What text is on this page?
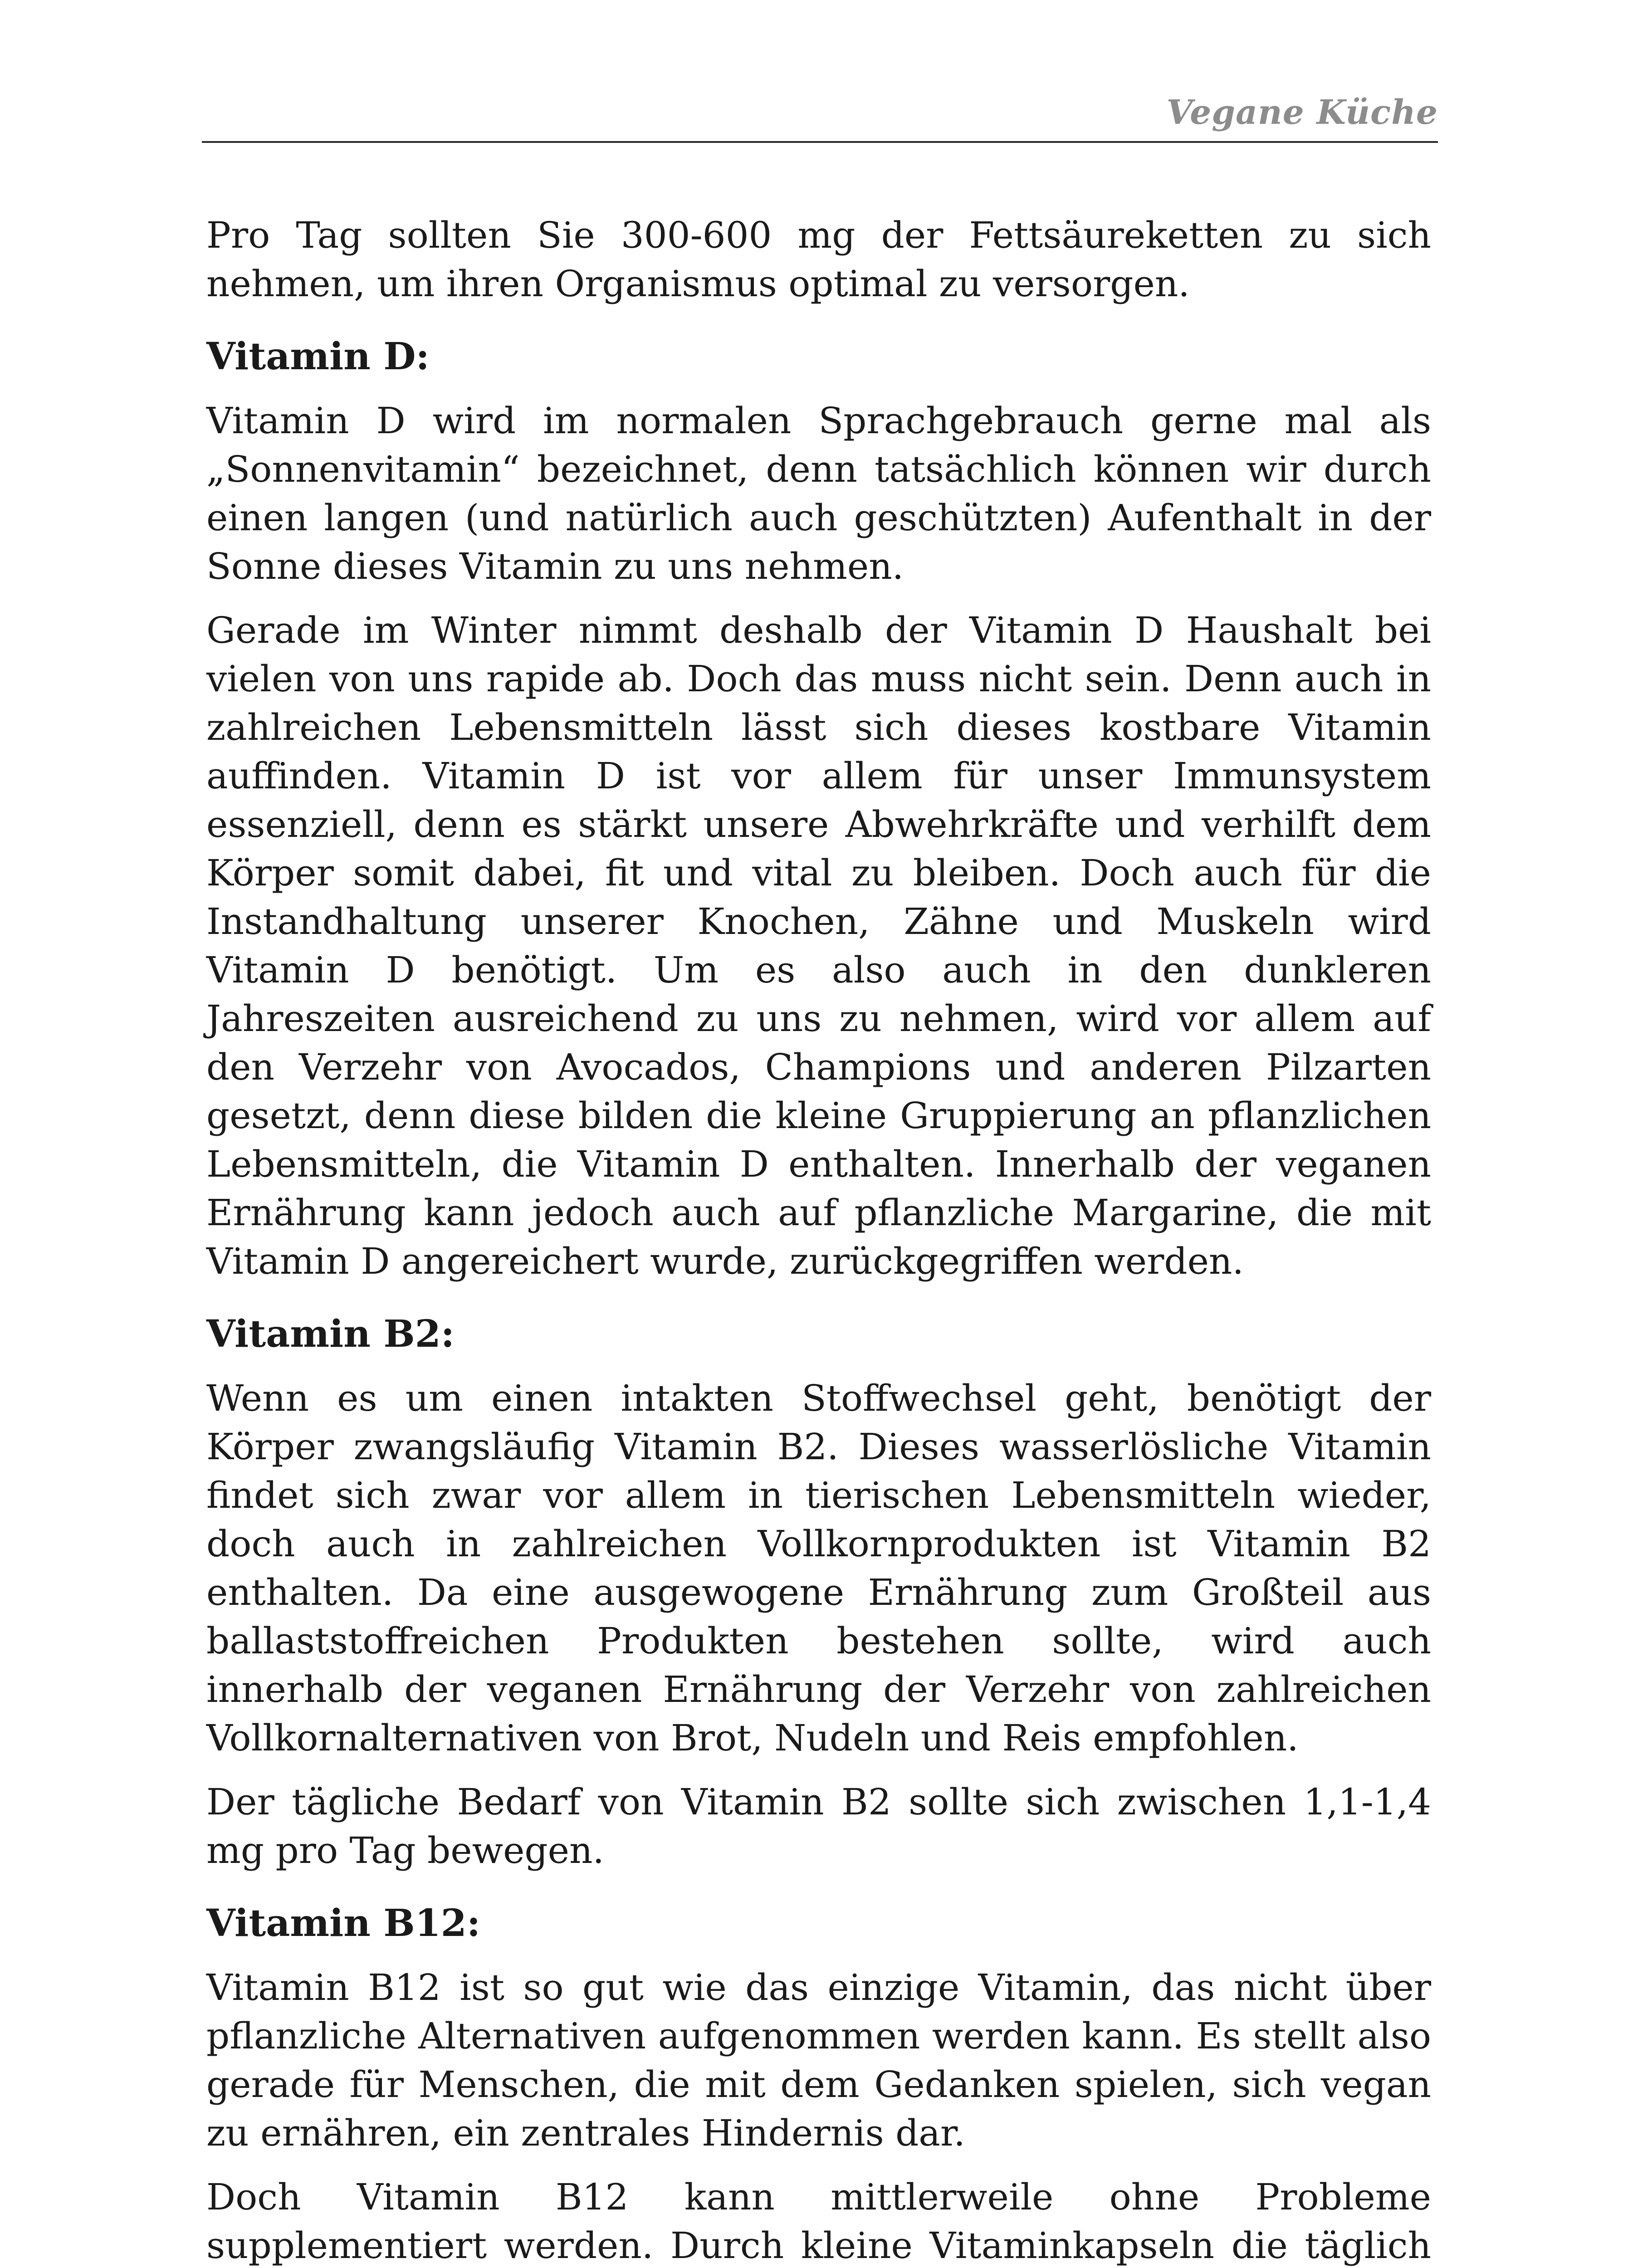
Vegane Küche

Pro Tag sollten Sie 300-600 mg der Fettsäureketten zu sich nehmen, um ihren Organismus optimal zu versorgen.

Vitamin D:

Vitamin D wird im normalen Sprachgebrauch gerne mal als „Sonnenvitamin“ bezeichnet, denn tatsächlich können wir durch einen langen (und natürlich auch geschützten) Aufenthalt in der Sonne dieses Vitamin zu uns nehmen.

Gerade im Winter nimmt deshalb der Vitamin D Haushalt bei vielen von uns rapide ab. Doch das muss nicht sein. Denn auch in zahlreichen Lebensmitteln lässt sich dieses kostbare Vitamin auffinden. Vitamin D ist vor allem für unser Immunsystem essenziell, denn es stärkt unsere Abwehrkräfte und verhilft dem Körper somit dabei, fit und vital zu bleiben. Doch auch für die Instandhaltung unserer Knochen, Zähne und Muskeln wird Vitamin D benötigt. Um es also auch in den dunkleren Jahreszeiten ausreichend zu uns zu nehmen, wird vor allem auf den Verzehr von Avocados, Champions und anderen Pilzarten gesetzt, denn diese bilden die kleine Gruppierung an pflanzlichen Lebensmitteln, die Vitamin D enthalten. Innerhalb der veganen Ernährung kann jedoch auch auf pflanzliche Margarine, die mit Vitamin D angereichert wurde, zurückgegriffen werden.

Vitamin B2:

Wenn es um einen intakten Stoffwechsel geht, benötigt der Körper zwangsläufig Vitamin B2. Dieses wasserlösliche Vitamin findet sich zwar vor allem in tierischen Lebensmitteln wieder, doch auch in zahlreichen Vollkornprodukten ist Vitamin B2 enthalten. Da eine ausgewogene Ernährung zum Großteil aus ballaststoffreichen Produkten bestehen sollte, wird auch innerhalb der veganen Ernährung der Verzehr von zahlreichen Vollkornalternativen von Brot, Nudeln und Reis empfohlen.

Der tägliche Bedarf von Vitamin B2 sollte sich zwischen 1,1-1,4 mg pro Tag bewegen.

Vitamin B12:

Vitamin B12 ist so gut wie das einzige Vitamin, das nicht über pflanzliche Alternativen aufgenommen werden kann. Es stellt also gerade für Menschen, die mit dem Gedanken spielen, sich vegan zu ernähren, ein zentrales Hindernis dar.

Doch Vitamin B12 kann mittlerweile ohne Probleme supplementiert werden. Durch kleine Vitaminkapseln die täglich
